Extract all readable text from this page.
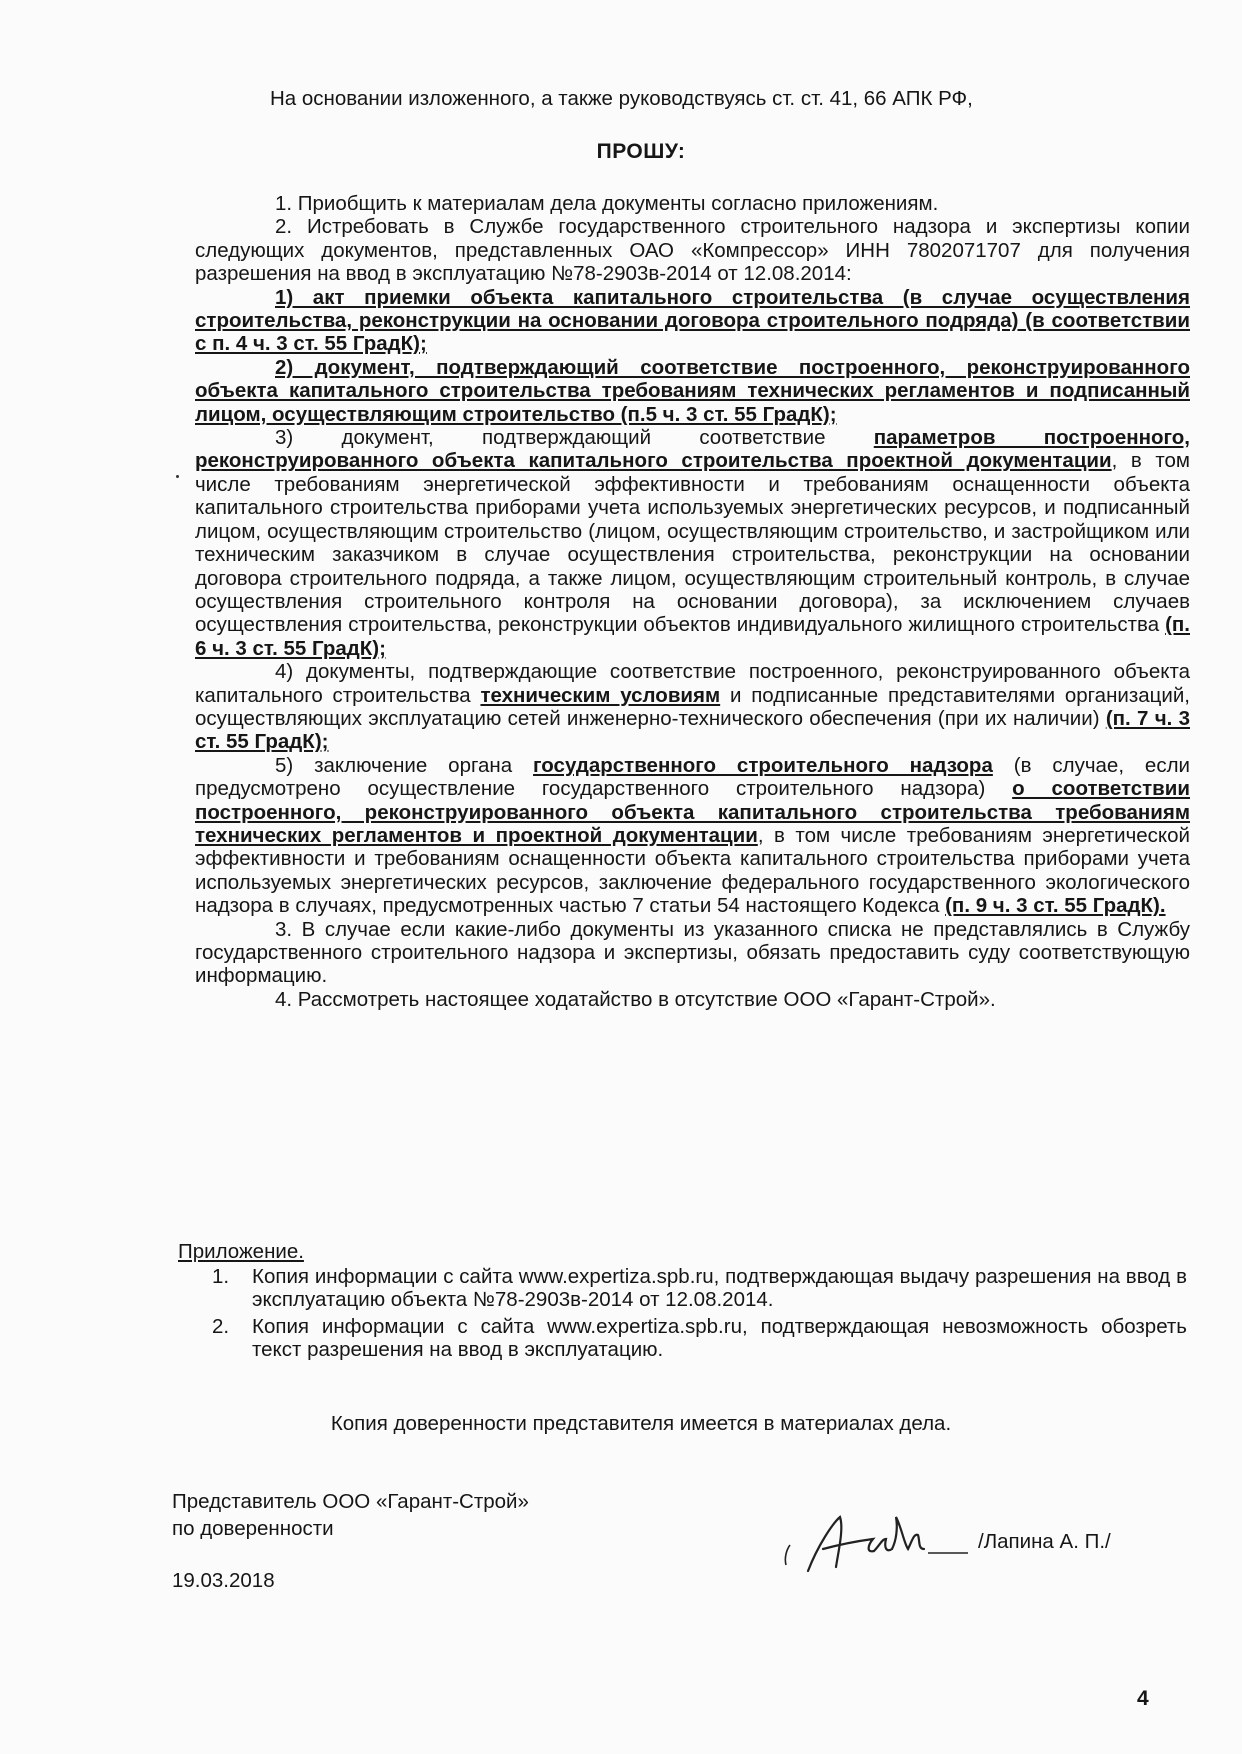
На основании изложенного, а также руководствуясь ст. ст. 41, 66 АПК РФ,
ПРОШУ:

1. Приобщить к материалам дела документы согласно приложениям.

2. Истребовать в Службе государственного строительного надзора и экспертизы копии следующих документов, представленных ОАО «Компрессор» ИНН 7802071707 для получения разрешения на ввод в эксплуатацию №78-2903в-2014 от 12.08.2014:

1) акт приемки объекта капитального строительства (в случае осуществления строительства, реконструкции на основании договора строительного подряда) (в соответствии с п. 4 ч. 3 ст. 55 ГрадК);

2) документ, подтверждающий соответствие построенного, реконструированного объекта капитального строительства требованиям технических регламентов и подписанный лицом, осуществляющим строительство (п.5 ч. 3 ст. 55 ГрадК);

3) документ, подтверждающий соответствие параметров построенного, реконструированного объекта капитального строительства проектной документации, в том числе требованиям энергетической эффективности и требованиям оснащенности объекта капитального строительства приборами учета используемых энергетических ресурсов, и подписанный лицом, осуществляющим строительство (лицом, осуществляющим строительство, и застройщиком или техническим заказчиком в случае осуществления строительства, реконструкции на основании договора строительного подряда, а также лицом, осуществляющим строительный контроль, в случае осуществления строительного контроля на основании договора), за исключением случаев осуществления строительства, реконструкции объектов индивидуального жилищного строительства (п. 6 ч. 3 ст. 55 ГрадК);

4) документы, подтверждающие соответствие построенного, реконструированного объекта капитального строительства техническим условиям и подписанные представителями организаций, осуществляющих эксплуатацию сетей инженерно-технического обеспечения (при их наличии) (п. 7 ч. 3 ст. 55 ГрадК);

5) заключение органа государственного строительного надзора (в случае, если предусмотрено осуществление государственного строительного надзора) о соответствии построенного, реконструированного объекта капитального строительства требованиям технических регламентов и проектной документации, в том числе требованиям энергетической эффективности и требованиям оснащенности объекта капитального строительства приборами учета используемых энергетических ресурсов, заключение федерального государственного экологического надзора в случаях, предусмотренных частью 7 статьи 54 настоящего Кодекса (п. 9 ч. 3 ст. 55 ГрадК).

3. В случае если какие-либо документы из указанного списка не представлялись в Службу государственного строительного надзора и экспертизы, обязать предоставить суду соответствующую информацию.

4. Рассмотреть настоящее ходатайство в отсутствие ООО «Гарант-Строй».

Приложение.
1. Копия информации с сайта www.expertiza.spb.ru, подтверждающая выдачу разрешения на ввод в эксплуатацию объекта №78-2903в-2014 от 12.08.2014.
2. Копия информации с сайта www.expertiza.spb.ru, подтверждающая невозможность обозреть текст разрешения на ввод в эксплуатацию.
Копия доверенности представителя имеется в материалах дела.
Представитель ООО «Гарант-Строй»
по доверенности
19.03.2018
/Лапина А. П./
4
